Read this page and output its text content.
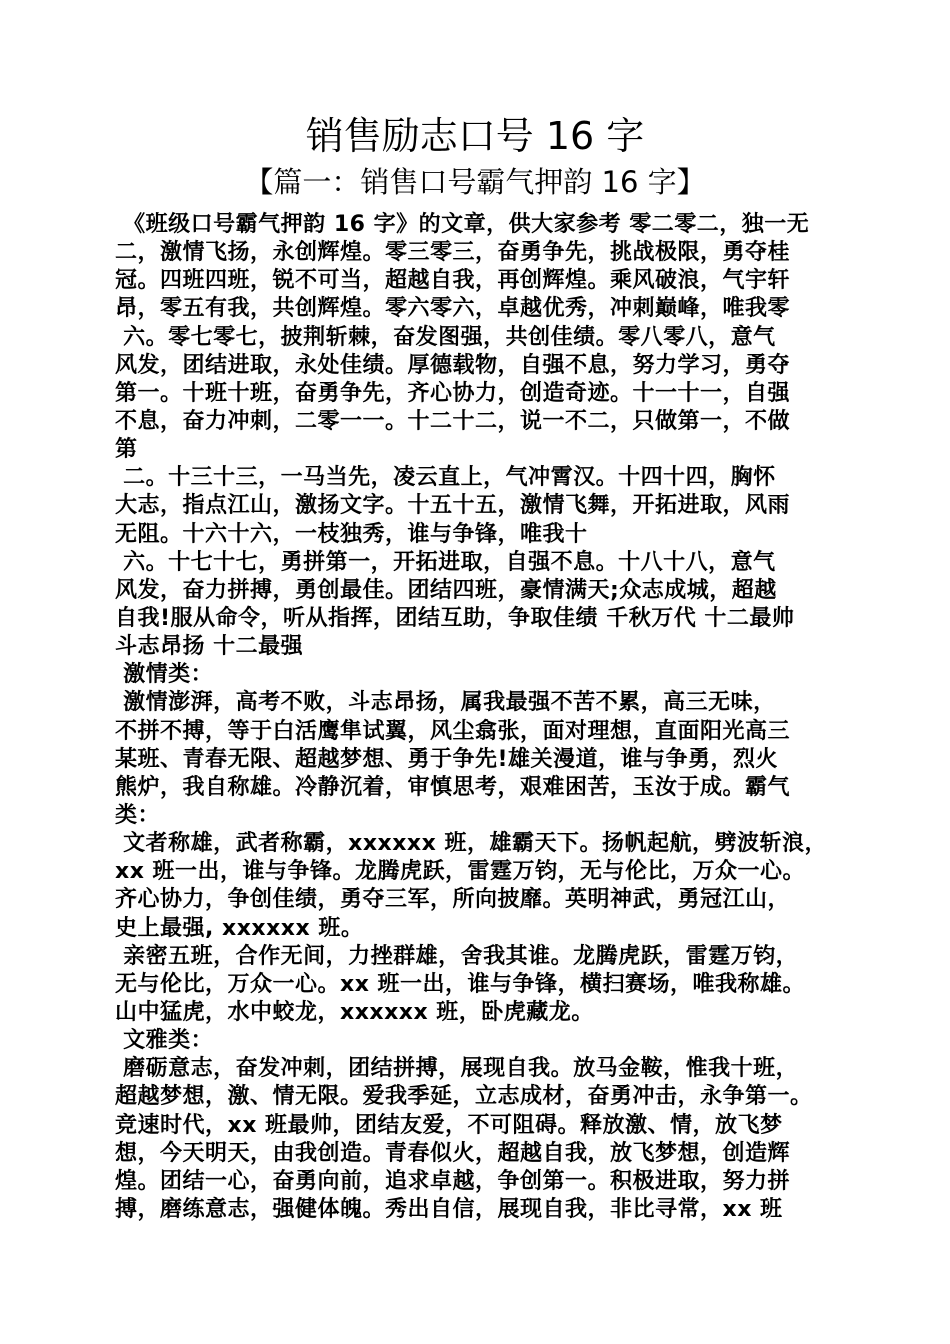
销售励志口号 16 字
【篇一：销售口号霸气押韵 16 字】
《班级口号霸气押韵 16 字》的文章，供大家参考 零二零二，独一无
二，激情飞扬，永创辉煌。零三零三，奋勇争先，挑战极限，勇夺桂
冠。四班四班，锐不可当，超越自我，再创辉煌。乘风破浪，气宇轩
昂，零五有我，共创辉煌。零六零六，卓越优秀，冲刺巅峰，唯我零
六。零七零七，披荆斩棘，奋发图强，共创佳绩。零八零八，意气
风发，团结进取，永处佳绩。厚德载物，自强不息，努力学习，勇夺
第一。十班十班，奋勇争先，齐心协力，创造奇迹。十一十一，自强
不息，奋力冲刺，二零一一。十二十二，说一不二，只做第一，不做
第
二。十三十三，一马当先，凌云直上，气冲霄汉。十四十四，胸怀
大志，指点江山，激扬文字。十五十五，激情飞舞，开拓进取，风雨
无阻。十六十六，一枝独秀，谁与争锋，唯我十
六。十七十七，勇拼第一，开拓进取，自强不息。十八十八，意气
风发，奋力拼搏，勇创最佳。团结四班，豪情满天;众志成城，超越
自我!服从命令，听从指挥，团结互助，争取佳绩 千秋万代 十二最帅
斗志昂扬 十二最强
激情类：
激情澎湃，高考不败，斗志昂扬，属我最强不苦不累，高三无味，
不拼不搏，等于白活鹰隼试翼，风尘翕张，面对理想，直面阳光高三
某班、青春无限、超越梦想、勇于争先!雄关漫道，谁与争勇，烈火
熊炉，我自称雄。冷静沉着，审慎思考，艰难困苦，玉汝于成。霸气
类：
文者称雄，武者称霸，xxxxxx 班，雄霸天下。扬帆起航，劈波斩浪，
xx 班一出，谁与争锋。龙腾虎跃，雷霆万钧，无与伦比，万众一心。
齐心协力，争创佳绩，勇夺三军，所向披靡。英明神武，勇冠江山，
史上最强, xxxxxx 班。
亲密五班，合作无间，力挫群雄，舍我其谁。龙腾虎跃，雷霆万钧，
无与伦比，万众一心。xx 班一出，谁与争锋，横扫赛场，唯我称雄。
山中猛虎，水中蛟龙，xxxxxx 班，卧虎藏龙。
文雅类：
磨砺意志，奋发冲刺，团结拼搏，展现自我。放马金鞍，惟我十班，
超越梦想，激、情无限。爱我季延，立志成材，奋勇冲击，永争第一。
竞速时代，xx 班最帅，团结友爱，不可阻碍。释放激、情，放飞梦
想，今天明天，由我创造。青春似火，超越自我，放飞梦想，创造辉
煌。团结一心，奋勇向前，追求卓越，争创第一。积极进取，努力拼
搏，磨练意志，强健体魄。秀出自信，展现自我，非比寻常，xx 班
